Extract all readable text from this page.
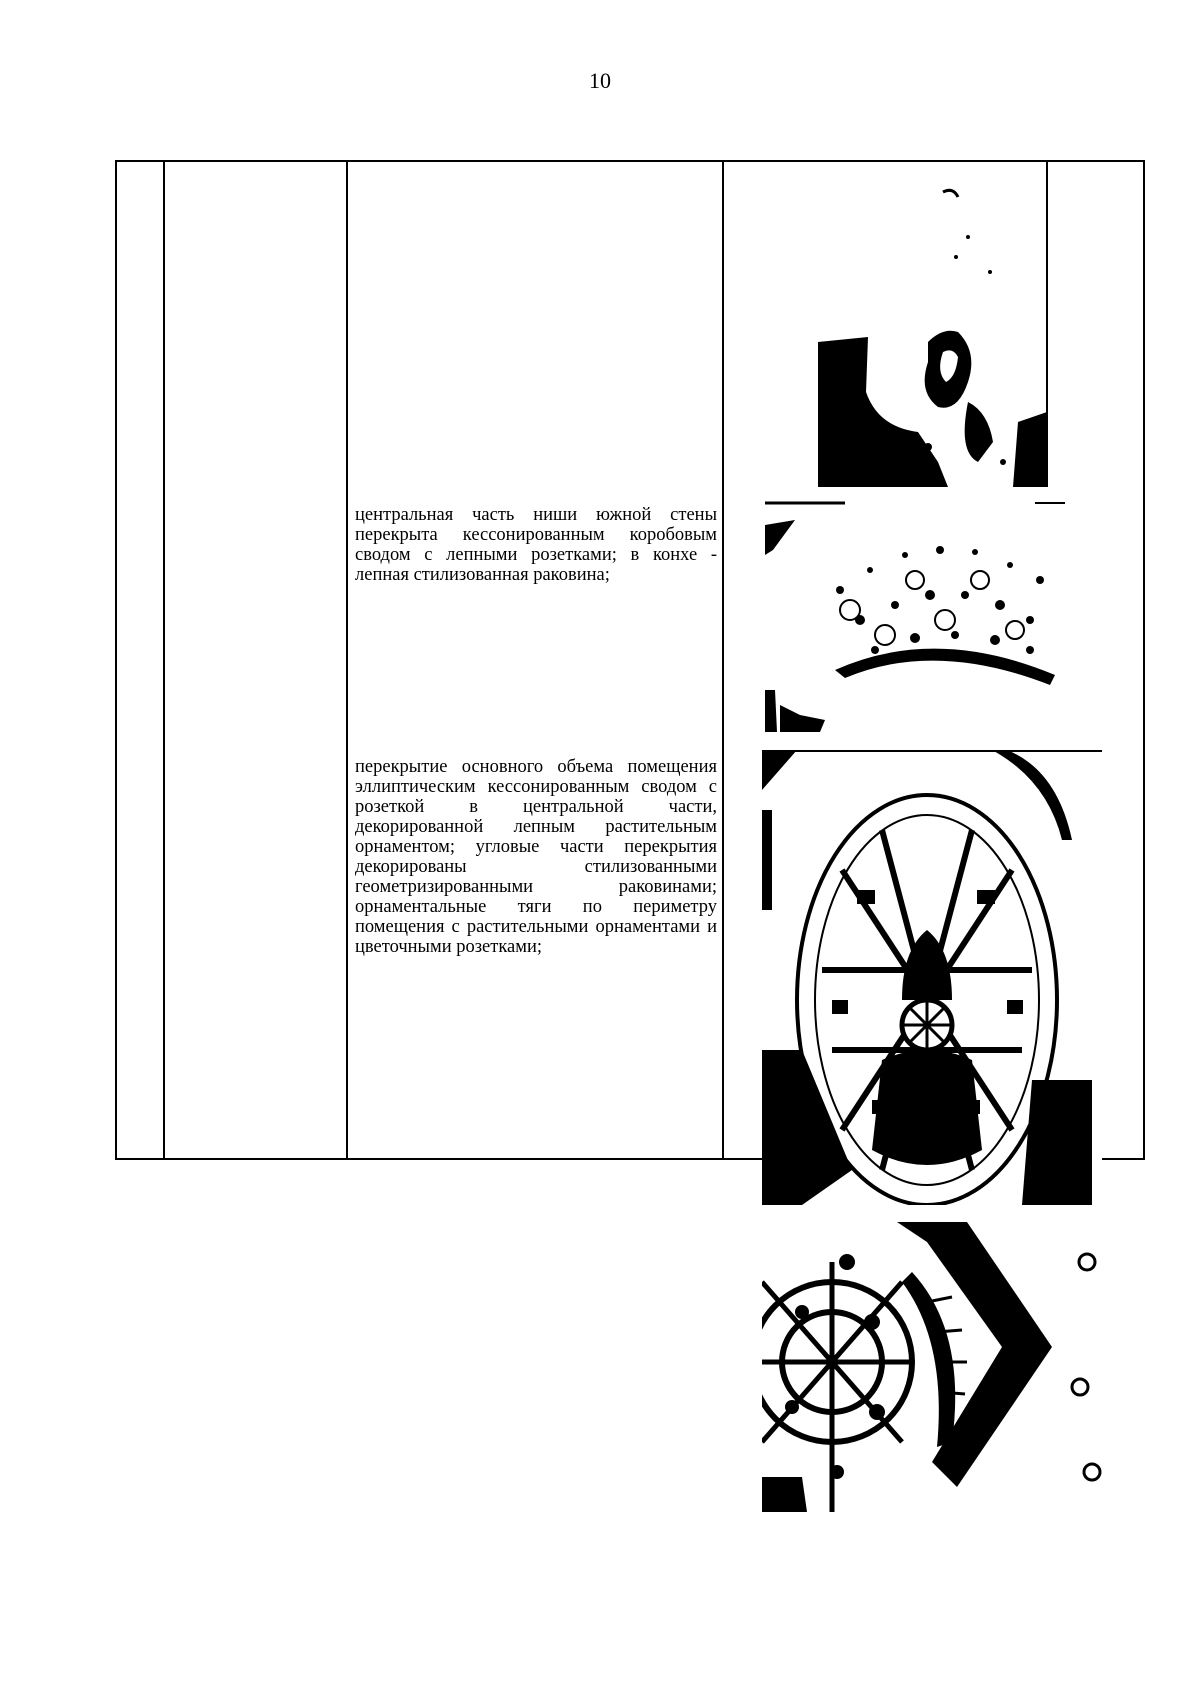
10
центральная часть ниши южной стены перекрыта кессонированным коробовым сводом с лепными розетками; в конхе - лепная стилизованная раковина;
перекрытие основного объема помещения эллиптическим кессонированным сводом с розеткой в центральной части, декорированной лепным растительным орнаментом; угловые части перекрытия декорированы стилизованными геометризированными раковинами; орнаментальные тяги по периметру помещения с растительными орнаментами и цветочными розетками;
